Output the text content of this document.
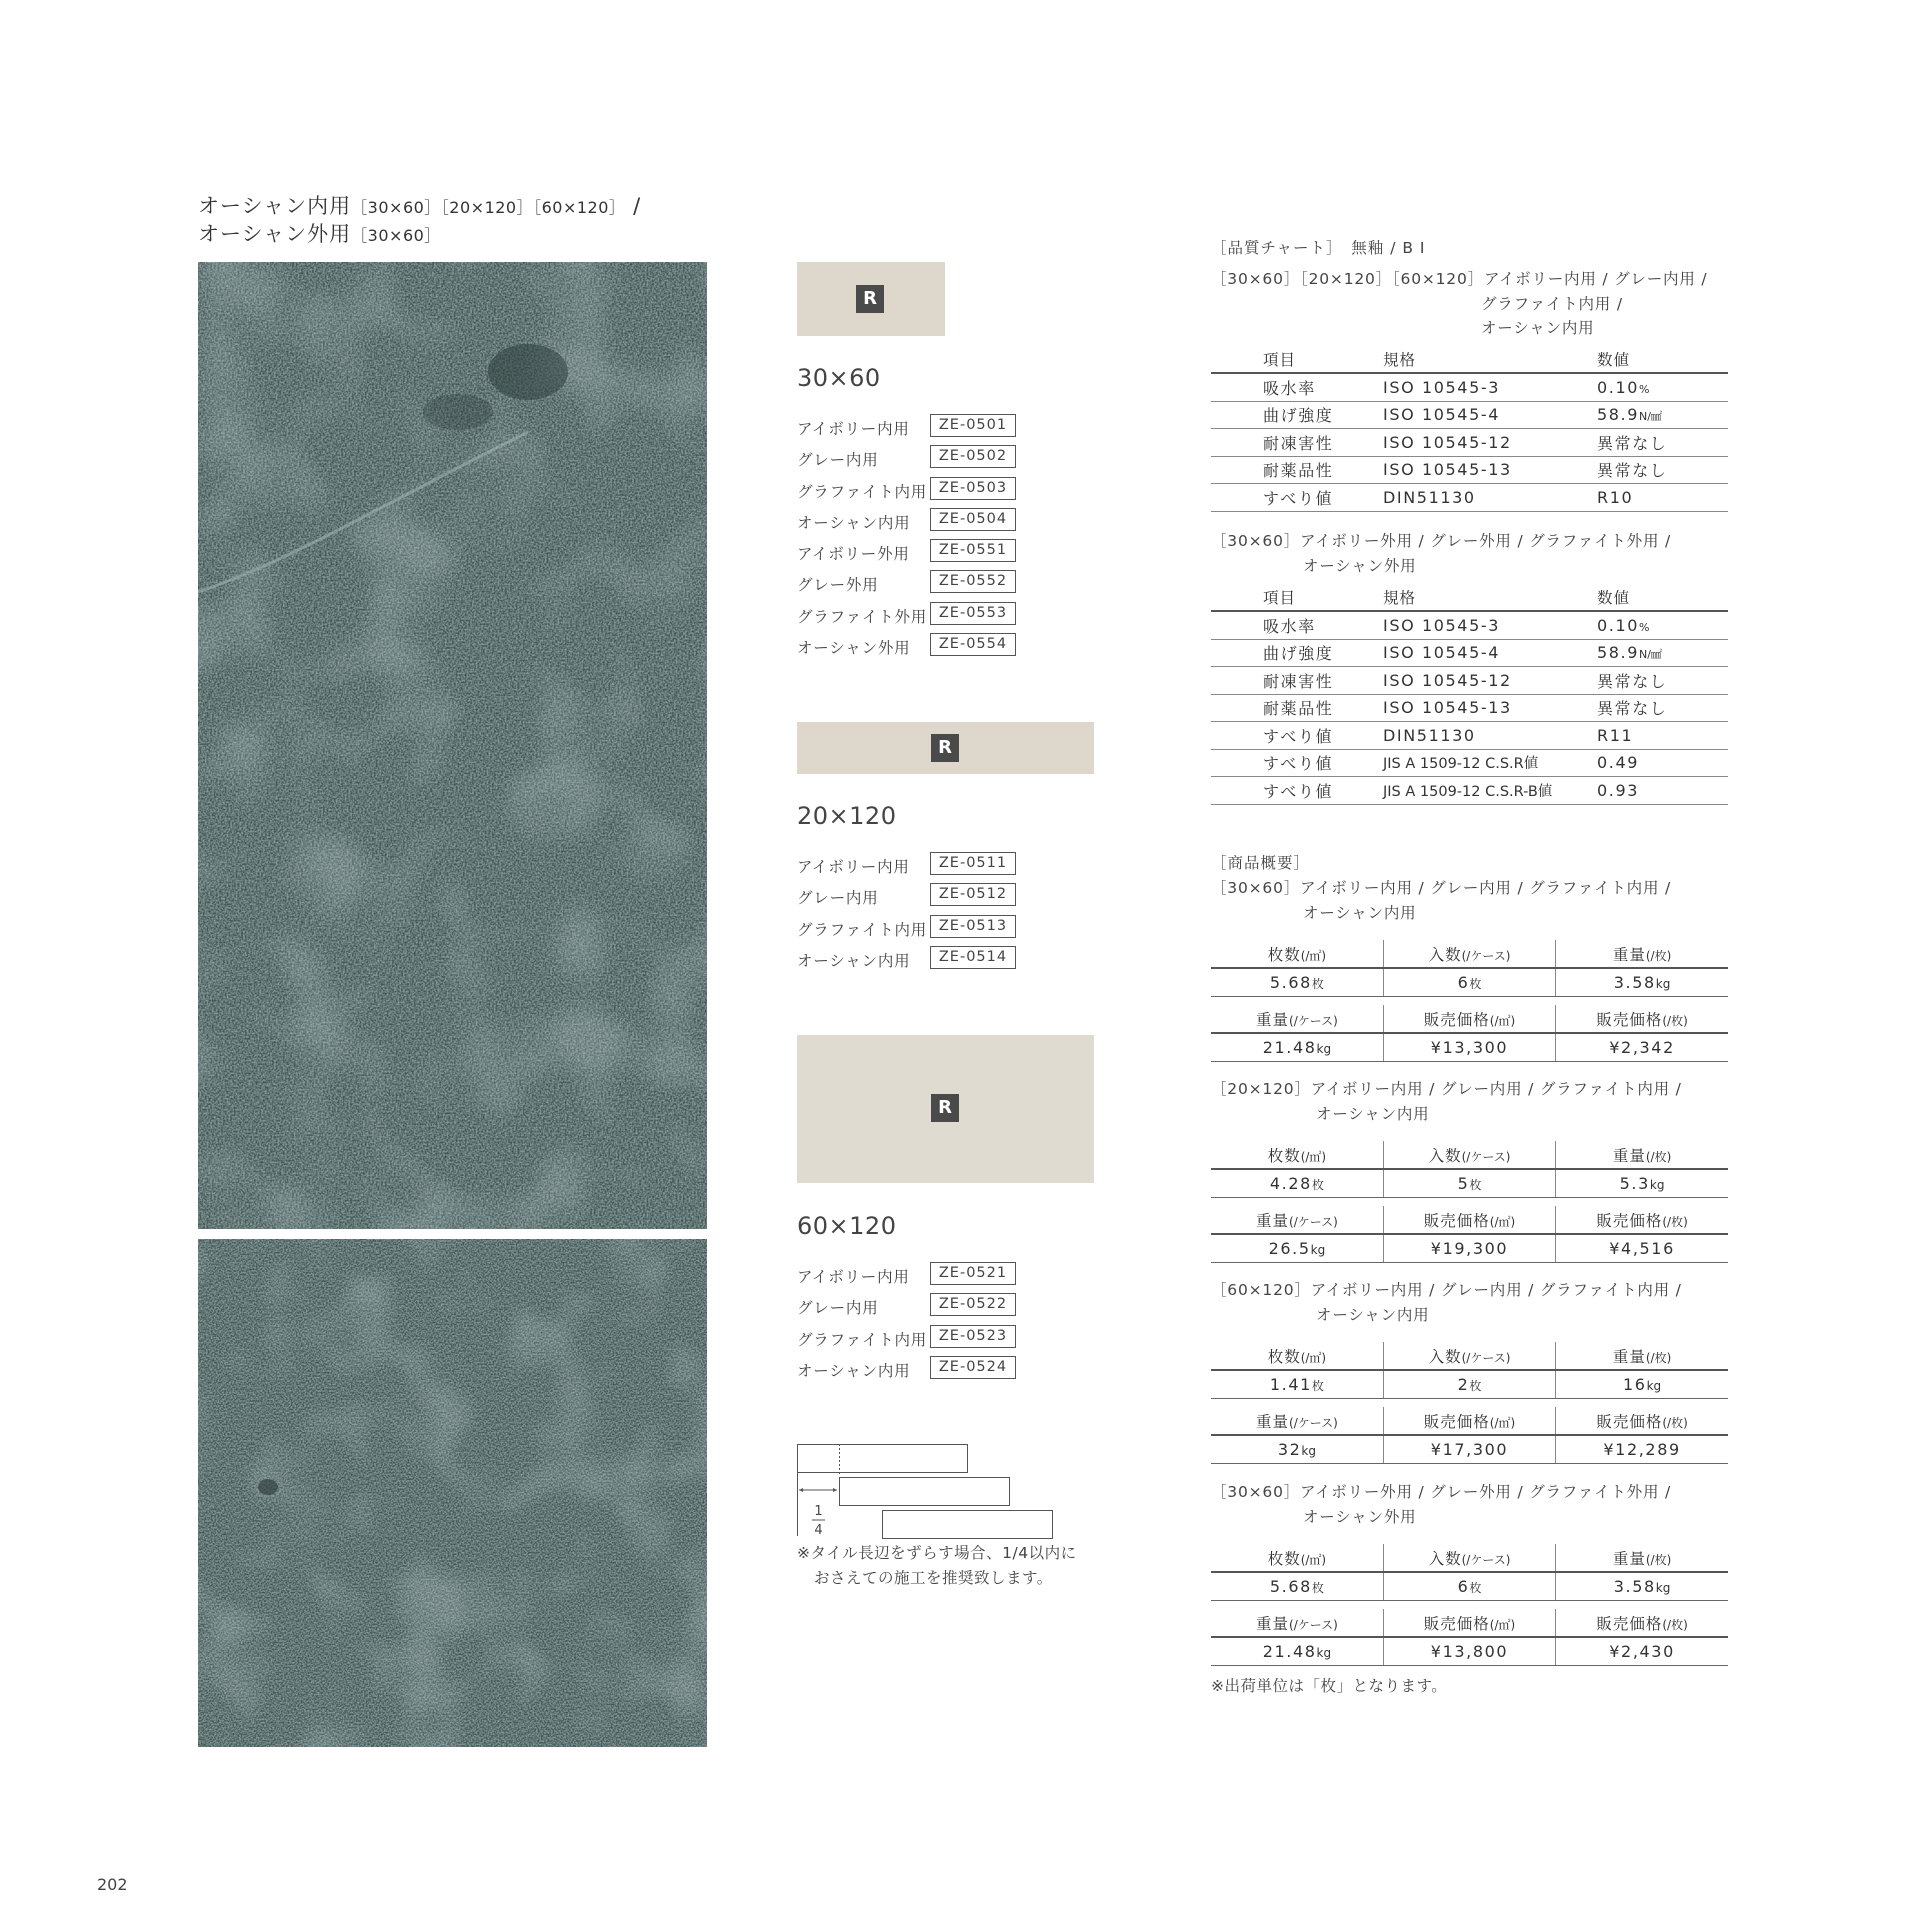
オーシャン内用［30×60］［20×120］［60×120］ /
オーシャン外用［30×60］
R
30×60
アイボリー内用	ZE-0501
グレー内用	ZE-0502
グラファイト内用 ZE-0503
オーシャン内用	ZE-0504
アイボリー外用	ZE-0551
グレー外用	ZE-0552
グラファイト外用 ZE-0553
オーシャン外用	ZE-0554
R
20×120
アイボリー内用	ZE-0511
グレー内用	ZE-0512
グラファイト内用 ZE-0513
オーシャン内用	ZE-0514
R
60×120
アイボリー内用	ZE-0521
グレー内用	ZE-0522
グラファイト内用 ZE-0523
オーシャン内用	ZE-0524
1
4
※タイル長辺をずらす場合、1/4以内に
おさえての施工を推奨致します。
［品質チャート］　無釉 / B I
［30×60］［20×120］［60×120］アイボリー内用 / グレー内用 /
グラファイト内用 /
オーシャン内用
項目	規格	数値
吸水率	ISO 10545-3	0.10%
曲げ強度	ISO 10545-4	58.9N/㎟
耐凍害性	ISO 10545-12	異常なし
耐薬品性	ISO 10545-13	異常なし
すべり値	DIN51130	R10
［30×60］アイボリー外用 / グレー外用 / グラファイト外用 /
オーシャン外用
項目	規格	数値
吸水率	ISO 10545-3	0.10%
曲げ強度	ISO 10545-4	58.9N/㎟
耐凍害性	ISO 10545-12	異常なし
耐薬品性	ISO 10545-13	異常なし
すべり値	DIN51130	R11
すべり値	JIS A 1509-12 C.S.R値	0.49
すべり値	JIS A 1509-12 C.S.R-B値	0.93
［商品概要］
［30×60］アイボリー内用 / グレー内用 / グラファイト内用 /
オーシャン内用
枚数(/㎡)	入数(/ケース)	重量(/枚)
5.68枚	6枚	3.58kg
重量(/ケース)	販売価格(/㎡)	販売価格(/枚)
21.48kg	¥13,300	¥2,342
［20×120］アイボリー内用 / グレー内用 / グラファイト内用 /
オーシャン内用
枚数(/㎡)	入数(/ケース)	重量(/枚)
4.28枚	5枚	5.3kg
重量(/ケース)	販売価格(/㎡)	販売価格(/枚)
26.5kg	¥19,300	¥4,516
［60×120］アイボリー内用 / グレー内用 / グラファイト内用 /
オーシャン内用
枚数(/㎡)	入数(/ケース)	重量(/枚)
1.41枚	2枚	16kg
重量(/ケース)	販売価格(/㎡)	販売価格(/枚)
32kg	¥17,300	¥12,289
［30×60］アイボリー外用 / グレー外用 / グラファイト外用 /
オーシャン外用
枚数(/㎡)	入数(/ケース)	重量(/枚)
5.68枚	6枚	3.58kg
重量(/ケース)	販売価格(/㎡)	販売価格(/枚)
21.48kg	¥13,800	¥2,430
※出荷単位は「枚」となります。
202
